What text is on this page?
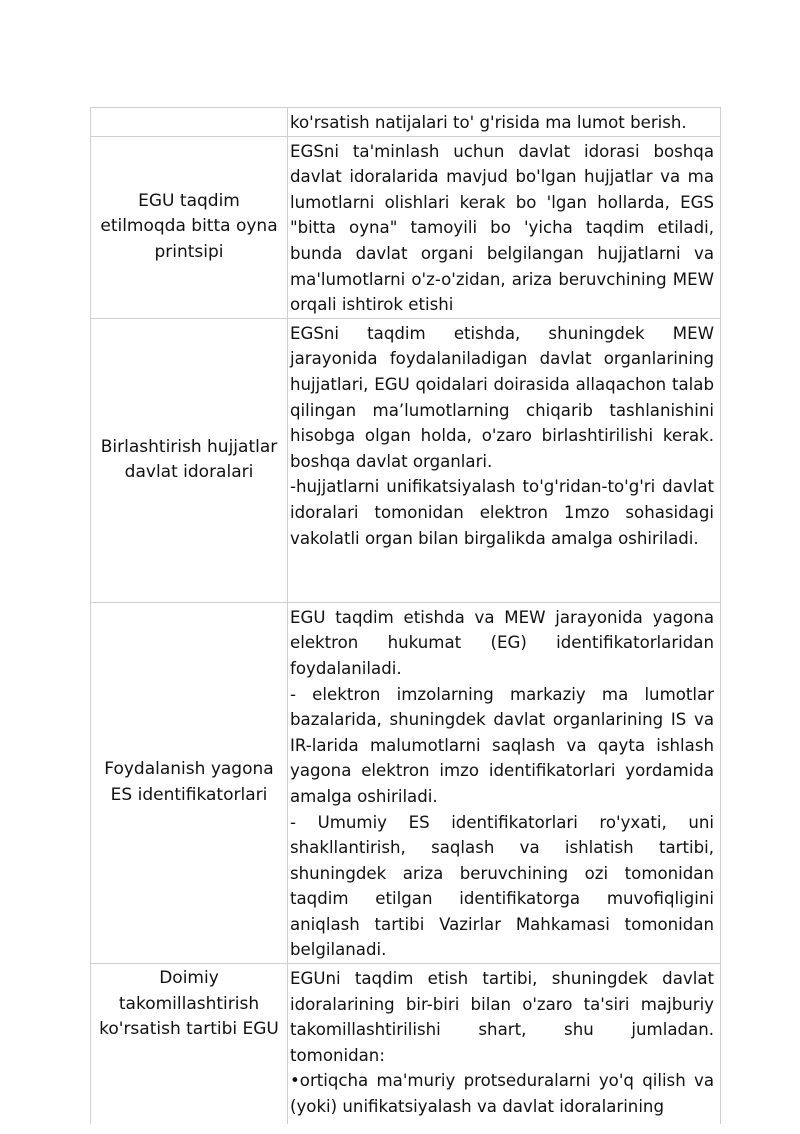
	ko'rsatish natijalari to' g'risida ma lumot berish.

EGU taqdim etilmoqda bitta oyna printsipi	EGSni ta'minlash uchun davlat idorasi boshqa davlat idoralarida mavjud bo'lgan hujjatlar va ma lumotlarni olishlari kerak bo 'lgan hollarda, EGS "bitta oyna" tamoyili bo 'yicha taqdim etiladi, bunda davlat organi belgilangan hujjatlarni va ma'lumotlarni o'z-o'zidan, ariza beruvchining MEW orqali ishtirok etishi

Birlashtirish hujjatlar davlat idoralari	EGSni taqdim etishda, shuningdek MEW jarayonida foydalaniladigan davlat organlarining hujjatlari, EGU qoidalari doirasida allaqachon talab qilingan ma’lumotlarning chiqarib tashlanishini hisobga olgan holda, o'zaro birlashtirilishi kerak. boshqa davlat organlari.
-hujjatlarni unifikatsiyalash to'g'ridan-to'g'ri davlat idoralari tomonidan elektron 1mzo sohasidagi vakolatli organ bilan birgalikda amalga oshiriladi.

Foydalanish yagona ES identifikatorlari	EGU taqdim etishda va MEW jarayonida yagona elektron hukumat (EG) identifikatorlaridan foydalaniladi.
- elektron imzolarning markaziy ma lumotlar bazalarida, shuningdek davlat organlarining IS va IR-larida malumotlarni saqlash va qayta ishlash yagona elektron imzo identifikatorlari yordamida amalga oshiriladi.
- Umumiy ES identifikatorlari ro'yxati, uni shakllantirish, saqlash va ishlatish tartibi, shuningdek ariza beruvchining ozi tomonidan taqdim etilgan identifikatorga muvofiqligini aniqlash tartibi Vazirlar Mahkamasi tomonidan belgilanadi.

Doimiy takomillashtirish ko'rsatish tartibi EGU	EGUni taqdim etish tartibi, shuningdek davlat idoralarining bir-biri bilan o'zaro ta'siri majburiy takomillashtirilishi shart, shu jumladan. tomonidan:
•ortiqcha ma'muriy protseduralarni yo'q qilish va (yoki) unifikatsiyalash va davlat idoralarining
